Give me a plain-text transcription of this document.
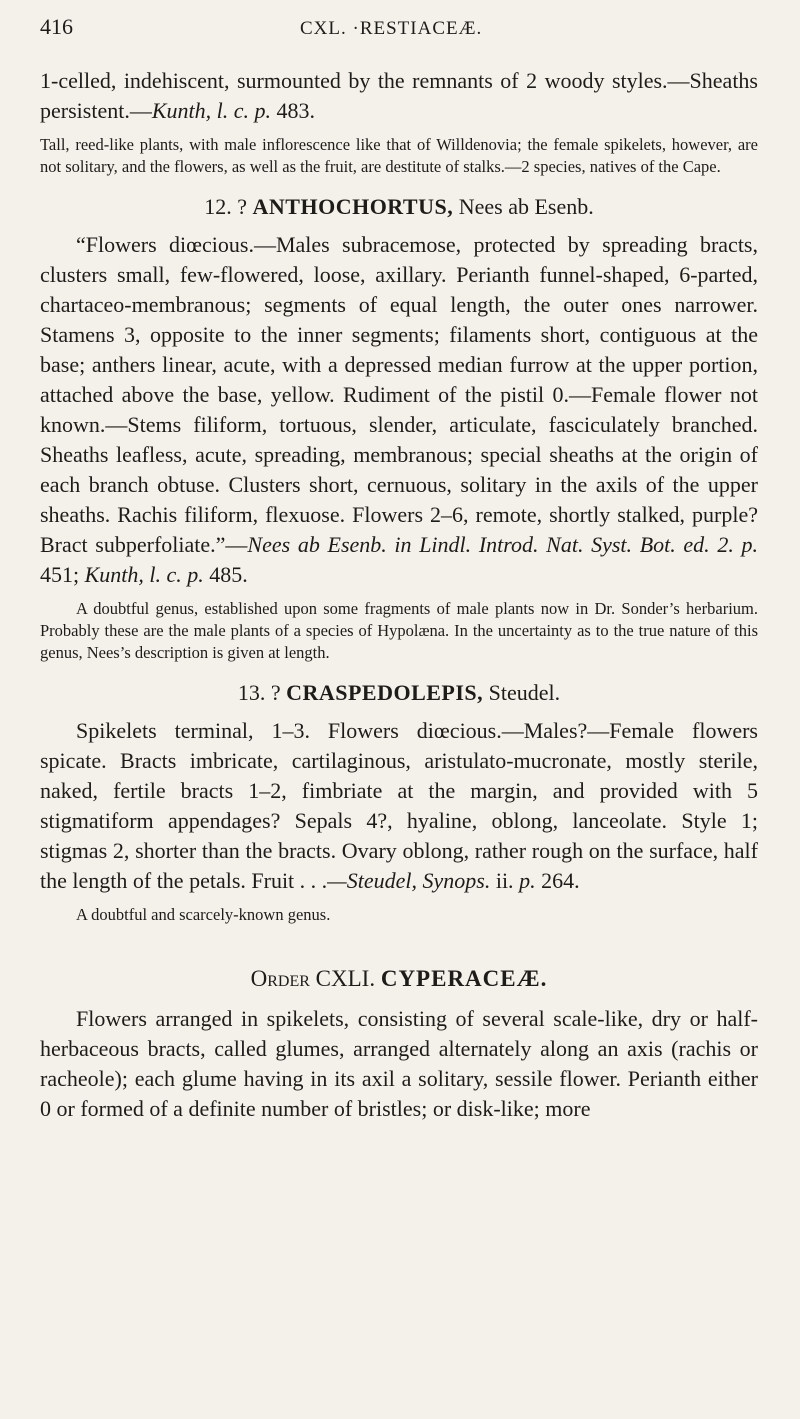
416	CXL. ·RESTIACEÆ.

1-celled, indehiscent, surmounted by the remnants of 2 woody styles.—Sheaths persistent.—Kunth, l. c. p. 483.

Tall, reed-like plants, with male inflorescence like that of Willdenovia; the female spikelets, however, are not solitary, and the flowers, as well as the fruit, are destitute of stalks.—2 species, natives of the Cape.

12. ? ANTHOCHORTUS, Nees ab Esenb.

“Flowers diœcious.—Males subracemose, protected by spreading bracts, clusters small, few-flowered, loose, axillary. Perianth funnel-shaped, 6-parted, chartaceo-membranous; segments of equal length, the outer ones narrower. Stamens 3, opposite to the inner segments; filaments short, contiguous at the base; anthers linear, acute, with a depressed median furrow at the upper portion, attached above the base, yellow. Rudiment of the pistil 0.—Female flower not known.—Stems filiform, tortuous, slender, articulate, fasciculately branched. Sheaths leafless, acute, spreading, membranous; special sheaths at the origin of each branch obtuse. Clusters short, cernuous, solitary in the axils of the upper sheaths. Rachis filiform, flexuose. Flowers 2–6, remote, shortly stalked, purple? Bract subperfoliate.”—Nees ab Esenb. in Lindl. Introd. Nat. Syst. Bot. ed. 2. p. 451; Kunth, l. c. p. 485.

A doubtful genus, established upon some fragments of male plants now in Dr. Sonder’s herbarium. Probably these are the male plants of a species of Hypolæna. In the uncertainty as to the true nature of this genus, Nees’s description is given at length.

13. ? CRASPEDOLEPIS, Steudel.

Spikelets terminal, 1–3. Flowers diœcious.—Males?—Female flowers spicate. Bracts imbricate, cartilaginous, aristulato-mucronate, mostly sterile, naked, fertile bracts 1–2, fimbriate at the margin, and provided with 5 stigmatiform appendages? Sepals 4?, hyaline, oblong, lanceolate. Style 1; stigmas 2, shorter than the bracts. Ovary oblong, rather rough on the surface, half the length of the petals. Fruit . . .—Steudel, Synops. ii. p. 264.

A doubtful and scarcely-known genus.

Order CXLI. CYPERACEÆ.

Flowers arranged in spikelets, consisting of several scale-like, dry or half-herbaceous bracts, called glumes, arranged alternately along an axis (rachis or racheole); each glume having in its axil a solitary, sessile flower. Perianth either 0 or formed of a definite number of bristles; or disk-like; more
